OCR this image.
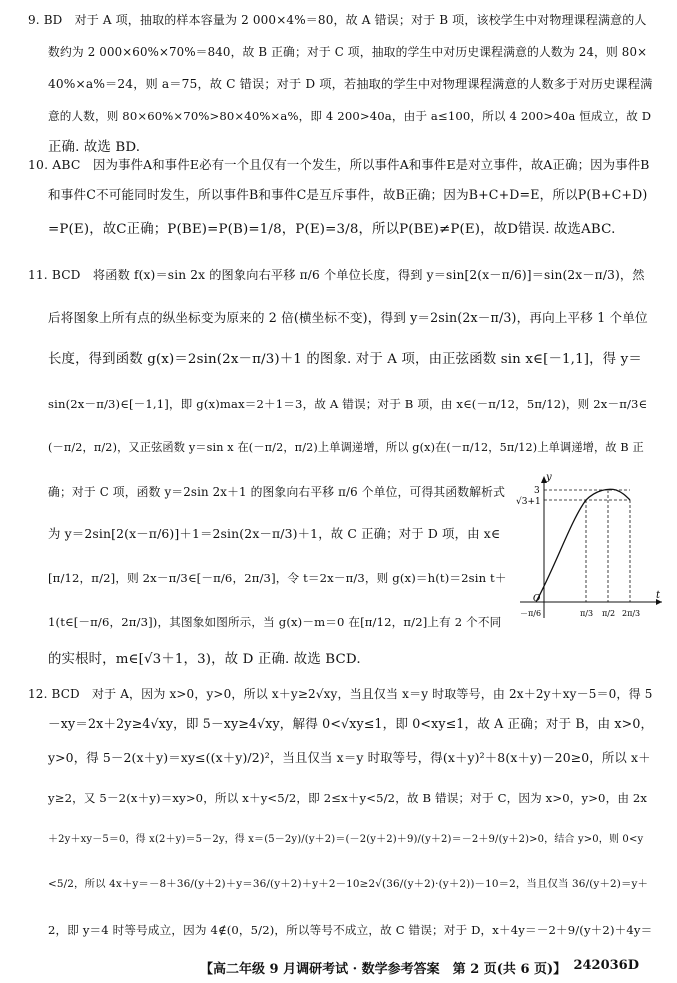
9. BD　对于 A 项，抽取的样本容量为 2 000×4%＝80，故 A 错误；对于 B 项，该校学生中对物理课程满意的人
数约为 2 000×60%×70%＝840，故 B 正确；对于 C 项，抽取的学生中对历史课程满意的人数为 24，则 80×
40%×a%＝24，则 a＝75，故 C 错误；对于 D 项，若抽取的学生中对物理课程满意的人数多于对历史课程满
意的人数，则 80×60%×70%>80×40%×a%，即 4 200>40a，由于 a≤100，所以 4 200>40a 恒成立，故 D
正确. 故选 BD.
10. ABC　因为事件A和事件E必有一个且仅有一个发生，所以事件A和事件E是对立事件，故A正确；因为事件B
和事件C不可能同时发生，所以事件B和事件C是互斥事件，故B正确；因为B+C+D=E，所以P(B+C+D)
=P(E)，故C正确；P(BE)=P(B)=1/8，P(E)=3/8，所以P(BE)≠P(E)，故D错误. 故选ABC.
11. BCD　将函数 f(x)＝sin 2x 的图象向右平移 π/6 个单位长度，得到 y＝sin[2(x－π/6)]＝sin(2x－π/3)，然
后将图象上所有点的纵坐标变为原来的 2 倍(横坐标不变)，得到 y＝2sin(2x－π/3)，再向上平移 1 个单位
长度，得到函数 g(x)＝2sin(2x－π/3)＋1 的图象. 对于 A 项，由正弦函数 sin x∈[－1,1]，得 y＝
sin(2x－π/3)∈[－1,1]，即 g(x)max＝2＋1＝3，故 A 错误；对于 B 项，由 x∈(－π/12，5π/12)，则 2x－π/3∈
(－π/2，π/2)，又正弦函数 y＝sin x 在(－π/2，π/2)上单调递增，所以 g(x)在(－π/12，5π/12)上单调递增，故 B 正
确；对于 C 项，函数 y＝2sin 2x＋1 的图象向右平移 π/6 个单位，可得其函数解析式
为 y＝2sin[2(x－π/6)]＋1＝2sin(2x－π/3)＋1，故 C 正确；对于 D 项，由 x∈
[π/12，π/2]，则 2x－π/3∈[－π/6，2π/3]，令 t＝2x－π/3，则 g(x)＝h(t)＝2sin t＋
1(t∈[－π/6，2π/3])，其图象如图所示，当 g(x)－m＝0 在[π/12，π/2]上有 2 个不同
的实根时，m∈[√3＋1，3)，故 D 正确. 故选 BCD.
12. BCD　对于 A，因为 x>0，y>0，所以 x＋y≥2√xy，当且仅当 x＝y 时取等号，由 2x＋2y＋xy－5＝0，得 5
－xy＝2x＋2y≥4√xy，即 5－xy≥4√xy，解得 0<√xy≤1，即 0<xy≤1，故 A 正确；对于 B，由 x>0，
y>0，得 5－2(x＋y)＝xy≤((x＋y)/2)²，当且仅当 x＝y 时取等号，得(x＋y)²＋8(x＋y)－20≥0，所以 x＋
y≥2，又 5－2(x＋y)＝xy>0，所以 x＋y<5/2，即 2≤x＋y<5/2，故 B 错误；对于 C，因为 x>0，y>0，由 2x
＋2y＋xy－5＝0，得 x(2＋y)＝5－2y，得 x＝(5－2y)/(y＋2)＝(－2(y＋2)＋9)/(y＋2)＝－2＋9/(y＋2)>0，结合 y>0，则 0<y
<5/2，所以 4x＋y＝－8＋36/(y＋2)＋y＝36/(y＋2)＋y＋2－10≥2√(36/(y＋2)·(y＋2))－10＝2，当且仅当 36/(y＋2)＝y＋
2，即 y＝4 时等号成立，因为 4∉(0，5/2)，所以等号不成立，故 C 错误；对于 D，x＋4y＝－2＋9/(y＋2)＋4y＝
y
t
O
3
√3+1
－π/6	π/3 π/2 2π/3
【高二年级 9 月调研考试 · 数学参考答案　第 2 页(共 6 页)】 242036D
